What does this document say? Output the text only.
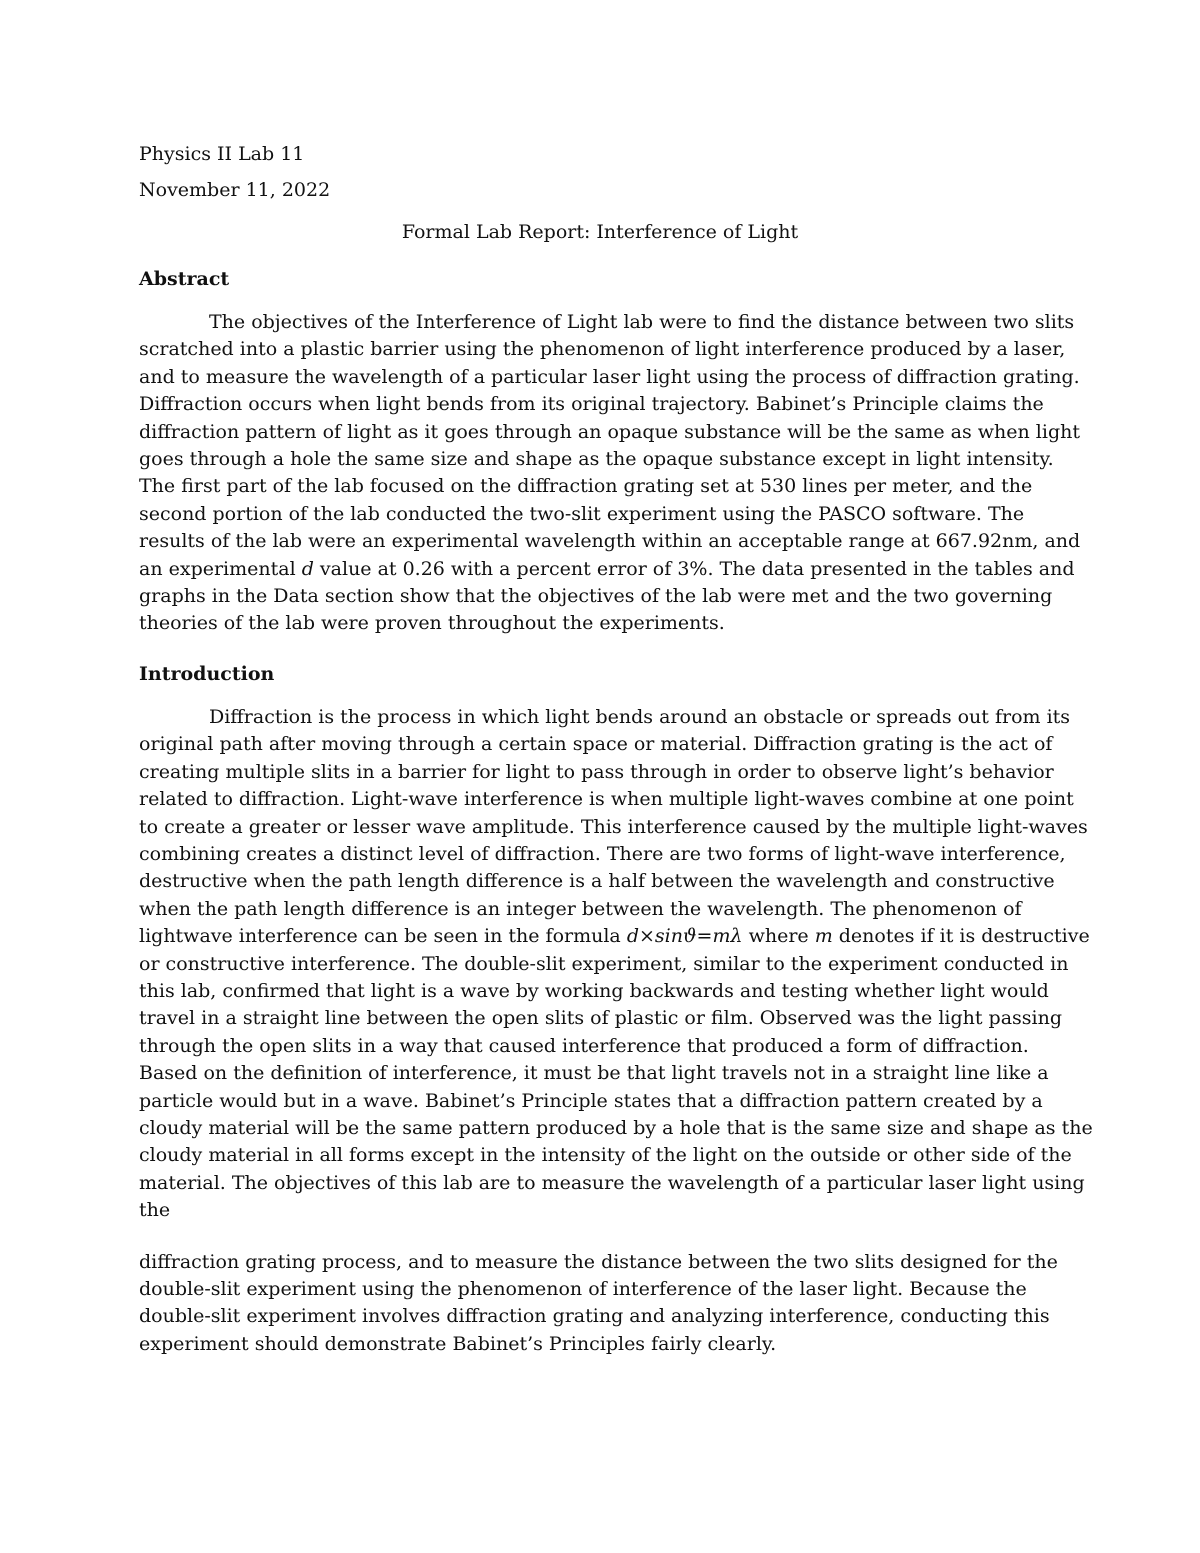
Physics II Lab 11

November 11, 2022

Formal Lab Report: Interference of Light

Abstract
The objectives of the Interference of Light lab were to find the distance between two slits
scratched into a plastic barrier using the phenomenon of light interference produced by a laser,
and to measure the wavelength of a particular laser light using the process of diffraction grating.
Diffraction occurs when light bends from its original trajectory. Babinet’s Principle claims the
diffraction pattern of light as it goes through an opaque substance will be the same as when light
goes through a hole the same size and shape as the opaque substance except in light intensity.
The first part of the lab focused on the diffraction grating set at 530 lines per meter, and the
second portion of the lab conducted the two-slit experiment using the PASCO software. The
results of the lab were an experimental wavelength within an acceptable range at 667.92nm, and
an experimental d value at 0.26 with a percent error of 3%. The data presented in the tables and
graphs in the Data section show that the objectives of the lab were met and the two governing
theories of the lab were proven throughout the experiments.
Introduction
Diffraction is the process in which light bends around an obstacle or spreads out from its
original path after moving through a certain space or material. Diffraction grating is the act of
creating multiple slits in a barrier for light to pass through in order to observe light’s behavior
related to diffraction. Light-wave interference is when multiple light-waves combine at one point
to create a greater or lesser wave amplitude. This interference caused by the multiple light-waves
combining creates a distinct level of diffraction. There are two forms of light-wave interference,
destructive when the path length difference is a half between the wavelength and constructive
when the path length difference is an integer between the wavelength. The phenomenon of
lightwave interference can be seen in the formula d×sinϑ=mλ where m denotes if it is destructive
or constructive interference. The double-slit experiment, similar to the experiment conducted in
this lab, confirmed that light is a wave by working backwards and testing whether light would
travel in a straight line between the open slits of plastic or film. Observed was the light passing
through the open slits in a way that caused interference that produced a form of diffraction.
Based on the definition of interference, it must be that light travels not in a straight line like a
particle would but in a wave. Babinet’s Principle states that a diffraction pattern created by a
cloudy material will be the same pattern produced by a hole that is the same size and shape as the
cloudy material in all forms except in the intensity of the light on the outside or other side of the
material. The objectives of this lab are to measure the wavelength of a particular laser light using
the
diffraction grating process, and to measure the distance between the two slits designed for the
double-slit experiment using the phenomenon of interference of the laser light. Because the
double-slit experiment involves diffraction grating and analyzing interference, conducting this
experiment should demonstrate Babinet’s Principles fairly clearly.
